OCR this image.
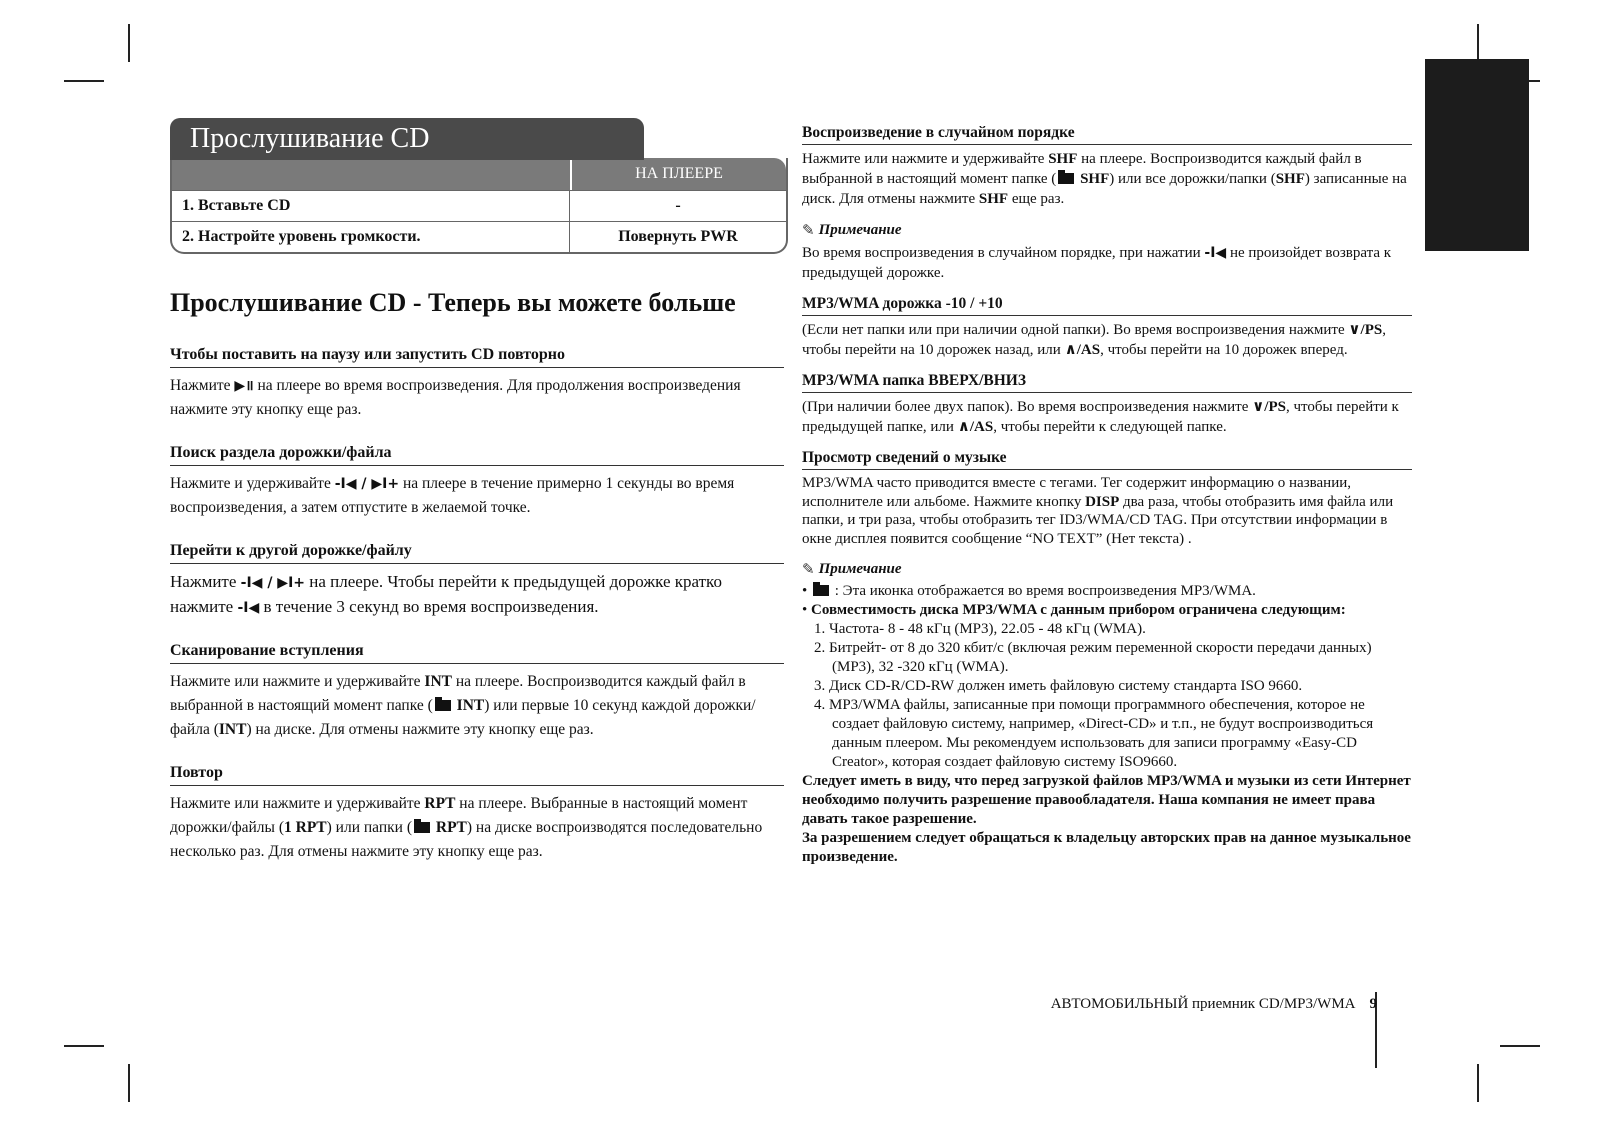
Прослушивание CD
НА ПЛЕЕРЕ
1. Вставьте CD	-
2. Настройте уровень громкости.	Повернуть PWR
Прослушивание CD - Теперь вы можете больше
Чтобы поставить на паузу или запустить CD повторно
Нажмите ▶॥ на плеере во время воспроизведения. Для продолжения воспроизведения нажмите эту кнопку еще раз.
Поиск раздела дорожки/файла
Нажмите и удерживайте -I◀ / ▶I+ на плеере в течение примерно 1 секунды во время воспроизведения, а затем отпустите в желаемой точке.
Перейти к другой дорожке/файлу
Нажмите -I◀ / ▶I+ на плеере. Чтобы перейти к предыдущей дорожке кратко нажмите -I◀ в течение 3 секунд во время воспроизведения.
Сканирование вступления
Нажмите или нажмите и удерживайте INT на плеере. Воспроизводится каждый файл в выбранной в настоящий момент папке ( INT) или первые 10 секунд каждой дорожки/файла (INT) на диске. Для отмены нажмите эту кнопку еще раз.
Повтор
Нажмите или нажмите и удерживайте RPT на плеере. Выбранные в настоящий момент дорожки/файлы (1 RPT) или папки ( RPT) на диске воспроизводятся последовательно несколько раз. Для отмены нажмите эту кнопку еще раз.
Воспроизведение в случайном порядке
Нажмите или нажмите и удерживайте SHF на плеере. Воспроизводится каждый файл в выбранной в настоящий момент папке ( SHF) или все дорожки/папки (SHF) записанные на диск. Для отмены нажмите SHF еще раз.
✎ Примечание
Во время воспроизведения в случайном порядке, при нажатии -I◀ не произойдет возврата к предыдущей дорожке.
MP3/WMA дорожка -10 / +10
(Если нет папки или при наличии одной папки). Во время воспроизведения нажмите ∨/PS, чтобы перейти на 10 дорожек назад, или ∧/AS, чтобы перейти на 10 дорожек вперед.
MP3/WMA папка ВВЕРХ/ВНИЗ
(При наличии более двух папок). Во время воспроизведения нажмите ∨/PS, чтобы перейти к предыдущей папке, или ∧/AS, чтобы перейти к следующей папке.
Просмотр сведений о музыке
MP3/WMA часто приводится вместе с тегами. Тег содержит информацию о названии, исполнителе или альбоме. Нажмите кнопку DISP два раза, чтобы отобразить имя файла или папки, и три раза, чтобы отобразить тег ID3/WMA/CD TAG. При отсутствии информации в окне дисплея появится сообщение “NO TEXT” (Нет текста) .
✎ Примечание
•  : Эта иконка отображается во время воспроизведения MP3/WMA.
• Совместимость диска MP3/WMA с данным прибором ограничена следующим:
1. Частота- 8 - 48 кГц (MP3), 22.05 - 48 кГц (WMA).
2. Битрейт- от 8 до 320 кбит/с (включая режим переменной скорости передачи данных)(MP3), 32 -320 кГц (WMA).
3. Диск CD-R/CD-RW должен иметь файловую систему стандарта ISO 9660.
4. MP3/WMA файлы, записанные при помощи программного обеспечения, которое не создает файловую систему, например, «Direct-CD» и т.п., не будут воспроизводиться данным плеером. Мы рекомендуем использовать для записи программу «Easy-CD Creator», которая создает файловую систему ISO9660.
Следует иметь в виду, что перед загрузкой файлов MP3/WMA и музыки из сети Интернет необходимо получить разрешение правообладателя. Наша компания не имеет права давать такое разрешение.
За разрешением следует обращаться к владельцу авторских прав на данное музыкальное произведение.
АВТОМОБИЛЬНЫЙ приемник CD/MP3/WMA 9
